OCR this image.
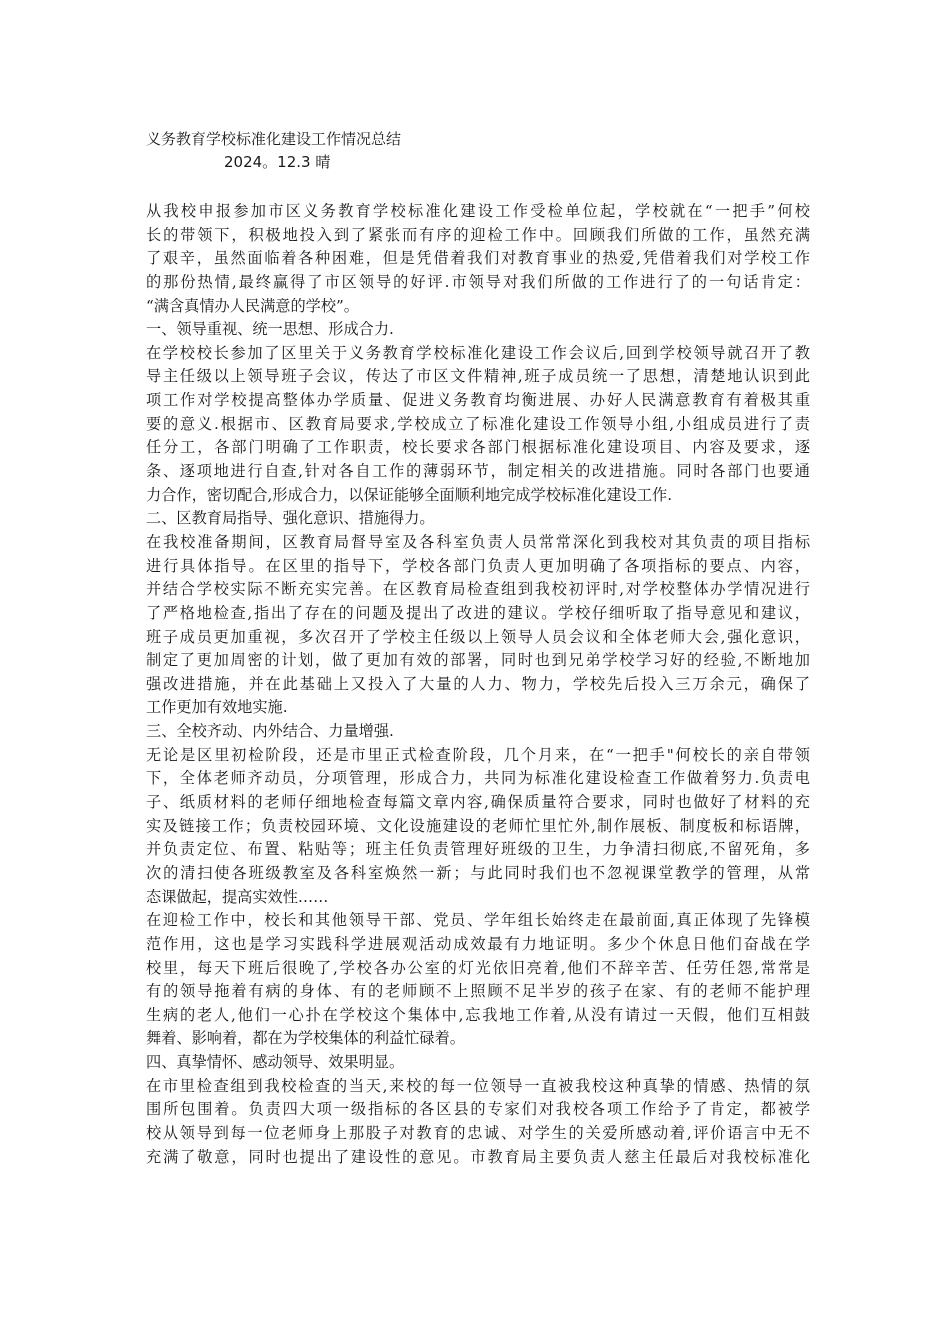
义务教育学校标准化建设工作情况总结
2024。12.3 晴
从我校申报参加市区义务教育学校标准化建设工作受检单位起，学校就在“一把手”何校
长的带领下，积极地投入到了紧张而有序的迎检工作中。回顾我们所做的工作，虽然充满
了艰辛，虽然面临着各种困难，但是凭借着我们对教育事业的热爱,凭借着我们对学校工作
的那份热情,最终赢得了市区领导的好评.市领导对我们所做的工作进行了的一句话肯定：
“满含真情办人民满意的学校”。
一、领导重视、统一思想、形成合力.
在学校校长参加了区里关于义务教育学校标准化建设工作会议后,回到学校领导就召开了教
导主任级以上领导班子会议，传达了市区文件精神,班子成员统一了思想，清楚地认识到此
项工作对学校提高整体办学质量、促进义务教育均衡进展、办好人民满意教育有着极其重
要的意义.根据市、区教育局要求,学校成立了标准化建设工作领导小组,小组成员进行了责
任分工，各部门明确了工作职责，校长要求各部门根据标准化建设项目、内容及要求，逐
条、逐项地进行自查,针对各自工作的薄弱环节，制定相关的改进措施。同时各部门也要通
力合作，密切配合,形成合力，以保证能够全面顺利地完成学校标准化建设工作.
二、区教育局指导、强化意识、措施得力。
在我校准备期间，区教育局督导室及各科室负责人员常常深化到我校对其负责的项目指标
进行具体指导。在区里的指导下，学校各部门负责人更加明确了各项指标的要点、内容，
并结合学校实际不断充实完善。在区教育局检查组到我校初评时,对学校整体办学情况进行
了严格地检查,指出了存在的问题及提出了改进的建议。学校仔细听取了指导意见和建议，
班子成员更加重视，多次召开了学校主任级以上领导人员会议和全体老师大会,强化意识，
制定了更加周密的计划，做了更加有效的部署，同时也到兄弟学校学习好的经验,不断地加
强改进措施，并在此基础上又投入了大量的人力、物力，学校先后投入三万余元，确保了
工作更加有效地实施.
三、全校齐动、内外结合、力量增强.
无论是区里初检阶段，还是市里正式检查阶段，几个月来，在“一把手"何校长的亲自带领
下，全体老师齐动员，分项管理，形成合力，共同为标准化建设检查工作做着努力.负责电
子、纸质材料的老师仔细地检查每篇文章内容,确保质量符合要求，同时也做好了材料的充
实及链接工作；负责校园环境、文化设施建设的老师忙里忙外,制作展板、制度板和标语牌，
并负责定位、布置、粘贴等；班主任负责管理好班级的卫生，力争清扫彻底,不留死角，多
次的清扫使各班级教室及各科室焕然一新；与此同时我们也不忽视课堂教学的管理，从常
态课做起，提高实效性……
在迎检工作中，校长和其他领导干部、党员、学年组长始终走在最前面,真正体现了先锋模
范作用，这也是学习实践科学进展观活动成效最有力地证明。多少个休息日他们奋战在学
校里，每天下班后很晚了,学校各办公室的灯光依旧亮着,他们不辞辛苦、任劳任怨,常常是
有的领导拖着有病的身体、有的老师顾不上照顾不足半岁的孩子在家、有的老师不能护理
生病的老人,他们一心扑在学校这个集体中,忘我地工作着,从没有请过一天假，他们互相鼓
舞着、影响着，都在为学校集体的利益忙碌着。
四、真挚情怀、感动领导、效果明显。
在市里检查组到我校检查的当天,来校的每一位领导一直被我校这种真挚的情感、热情的氛
围所包围着。负责四大项一级指标的各区县的专家们对我校各项工作给予了肯定，都被学
校从领导到每一位老师身上那股子对教育的忠诚、对学生的关爱所感动着,评价语言中无不
充满了敬意，同时也提出了建设性的意见。市教育局主要负责人慈主任最后对我校标准化
